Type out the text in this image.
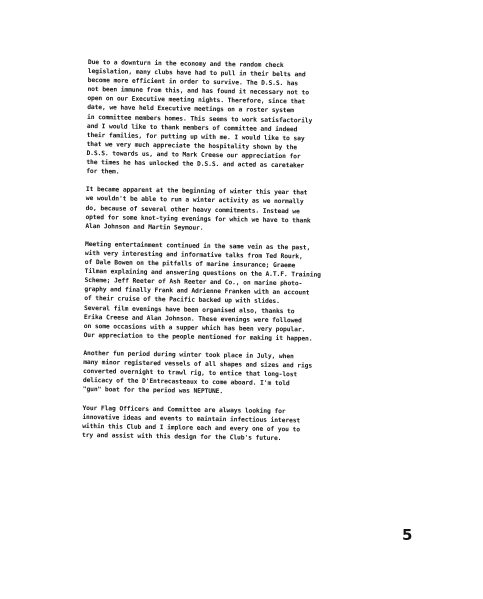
Due to a downturn in the economy and the random check
legislation, many clubs have had to pull in their belts and
become more efficient in order to survive. The D.S.S. has
not been immune from this, and has found it necessary not to
open on our Executive meeting nights. Therefore, since that
date, we have held Executive meetings on a roster system
in committee members homes. This seems to work satisfactorily
and I would like to thank members of committee and indeed
their families, for putting up with me. I would like to say
that we very much appreciate the hospitality shown by the
D.S.S. towards us, and to Mark Creese our appreciation for
the times he has unlocked the D.S.S. and acted as caretaker
for them.
It became apparent at the beginning of winter this year that
we wouldn't be able to run a winter activity as we normally
do, because of several other heavy commitments. Instead we
opted for some knot-tying evenings for which we have to thank
Alan Johnson and Martin Seymour.
Meeting entertainment continued in the same vein as the past,
with very interesting and informative talks from Ted Rourk,
of Dale Bowen on the pitfalls of marine insurance; Graeme
Tilman explaining and answering questions on the A.T.F. Training
Scheme; Jeff Reeter of Ash Reeter and Co., on marine photo-
graphy and finally Frank and Adrienne Franken with an account
of their cruise of the Pacific backed up with slides.
Several film evenings have been organised also, thanks to
Erika Creese and Alan Johnson. These evenings were followed
on some occasions with a supper which has been very popular.
Our appreciation to the people mentioned for making it happen.
Another fun period during winter took place in July, when
many minor registered vessels of all shapes and sizes and rigs
converted overnight to trawl rig, to entice that long-lost
delicacy of the D'Entrecasteaux to come aboard. I'm told
"gun" boat for the period was NEPTUNE.
Your Flag Officers and Committee are always looking for
innovative ideas and events to maintain infectious interest
within this Club and I implore each and every one of you to
try and assist with this design for the Club's future.
5
